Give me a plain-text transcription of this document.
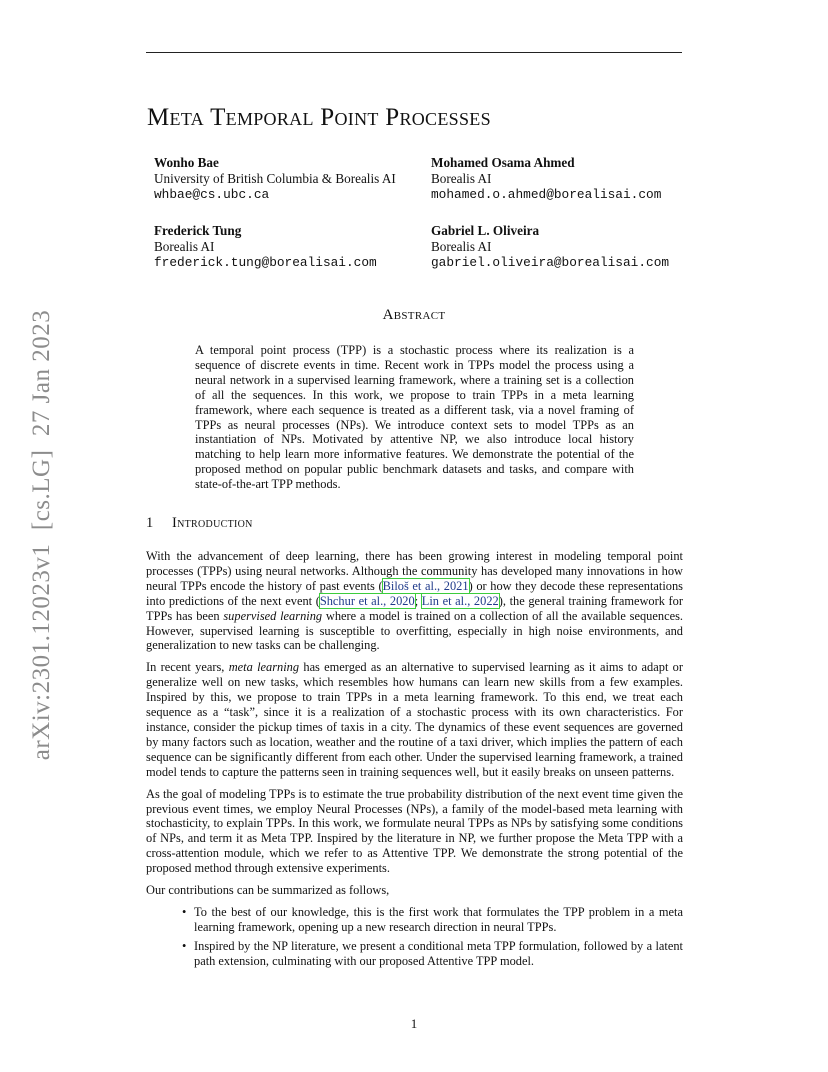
arXiv:2301.12023v1  [cs.LG]  27 Jan 2023
Meta Temporal Point Processes
Wonho Bae
University of British Columbia & Borealis AI
whbae@cs.ubc.ca
Mohamed Osama Ahmed
Borealis AI
mohamed.o.ahmed@borealisai.com
Frederick Tung
Borealis AI
frederick.tung@borealisai.com
Gabriel L. Oliveira
Borealis AI
gabriel.oliveira@borealisai.com
Abstract
A temporal point process (TPP) is a stochastic process where its realization is a sequence of discrete events in time. Recent work in TPPs model the process using a neural network in a supervised learning framework, where a training set is a collection of all the sequences. In this work, we propose to train TPPs in a meta learning framework, where each sequence is treated as a different task, via a novel framing of TPPs as neural processes (NPs). We introduce context sets to model TPPs as an instantiation of NPs. Motivated by attentive NP, we also introduce local history matching to help learn more informative features. We demonstrate the potential of the proposed method on popular public benchmark datasets and tasks, and compare with state-of-the-art TPP methods.
1 Introduction

With the advancement of deep learning, there has been growing interest in modeling temporal point processes (TPPs) using neural networks. Although the community has developed many innovations in how neural TPPs encode the history of past events (Biloš et al., 2021) or how they decode these representations into predictions of the next event (Shchur et al., 2020; Lin et al., 2022), the general training framework for TPPs has been supervised learning where a model is trained on a collection of all the available sequences. However, supervised learning is susceptible to overfitting, especially in high noise environments, and generalization to new tasks can be challenging.

In recent years, meta learning has emerged as an alternative to supervised learning as it aims to adapt or generalize well on new tasks, which resembles how humans can learn new skills from a few examples. Inspired by this, we propose to train TPPs in a meta learning framework. To this end, we treat each sequence as a “task”, since it is a realization of a stochastic process with its own characteristics. For instance, consider the pickup times of taxis in a city. The dynamics of these event sequences are governed by many factors such as location, weather and the routine of a taxi driver, which implies the pattern of each sequence can be significantly different from each other. Under the supervised learning framework, a trained model tends to capture the patterns seen in training sequences well, but it easily breaks on unseen patterns.

As the goal of modeling TPPs is to estimate the true probability distribution of the next event time given the previous event times, we employ Neural Processes (NPs), a family of the model-based meta learning with stochasticity, to explain TPPs. In this work, we formulate neural TPPs as NPs by satisfying some conditions of NPs, and term it as Meta TPP. Inspired by the literature in NP, we further propose the Meta TPP with a cross-attention module, which we refer to as Attentive TPP. We demonstrate the strong potential of the proposed method through extensive experiments.

Our contributions can be summarized as follows,

• To the best of our knowledge, this is the first work that formulates the TPP problem in a meta learning framework, opening up a new research direction in neural TPPs.
• Inspired by the NP literature, we present a conditional meta TPP formulation, followed by a latent path extension, culminating with our proposed Attentive TPP model.
1
